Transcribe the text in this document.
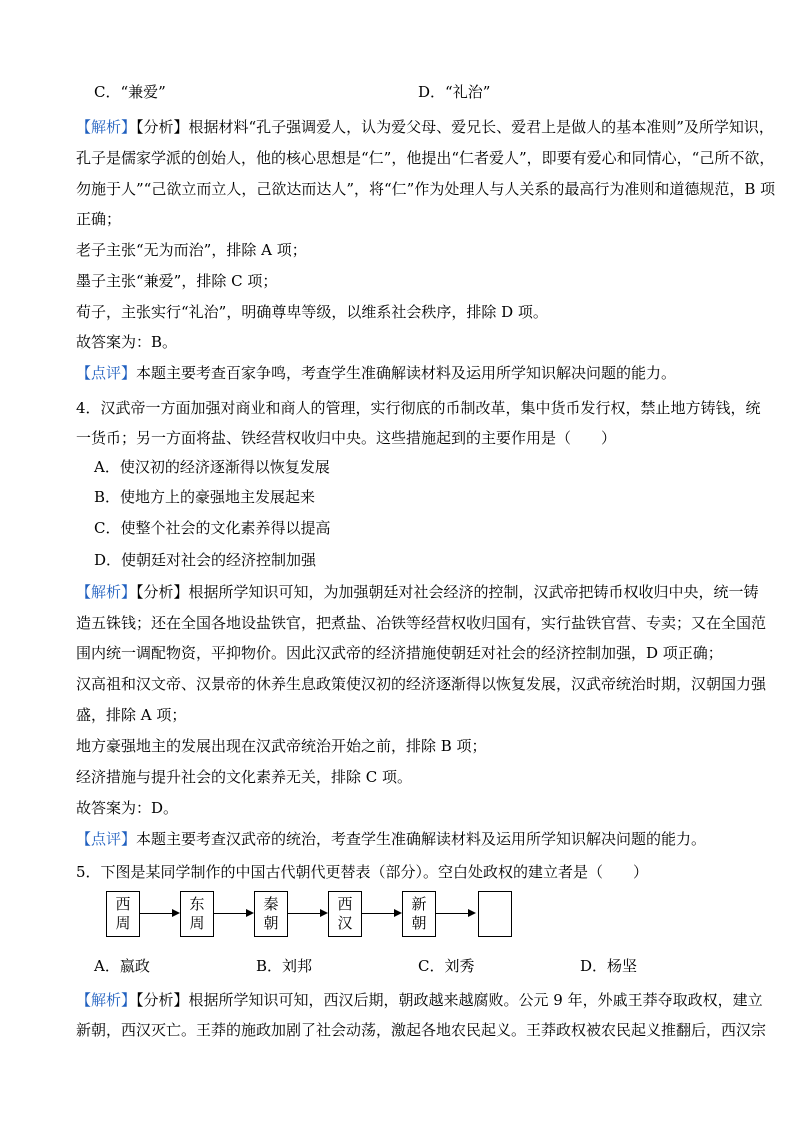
C．“兼爱”	D．“礼治”
【解析】【分析】根据材料“孔子强调爱人，认为爱父母、爱兄长、爱君上是做人的基本准则”及所学知识，
孔子是儒家学派的创始人，他的核心思想是“仁”，他提出“仁者爱人”，即要有爱心和同情心，“己所不欲，
勿施于人”“己欲立而立人，己欲达而达人”，将“仁”作为处理人与人关系的最高行为准则和道德规范，B 项
正确；
老子主张“无为而治”，排除 A 项；
墨子主张“兼爱”，排除 C 项；
荀子，主张实行“礼治”，明确尊卑等级，以维系社会秩序，排除 D 项。
故答案为：B。
【点评】本题主要考查百家争鸣，考查学生准确解读材料及运用所学知识解决问题的能力。
4．汉武帝一方面加强对商业和商人的管理，实行彻底的币制改革，集中货币发行权，禁止地方铸钱，统
一货币；另一方面将盐、铁经营权收归中央。这些措施起到的主要作用是（　　）
A．使汉初的经济逐渐得以恢复发展
B．使地方上的豪强地主发展起来
C．使整个社会的文化素养得以提高
D．使朝廷对社会的经济控制加强
【解析】【分析】根据所学知识可知，为加强朝廷对社会经济的控制，汉武帝把铸币权收归中央，统一铸
造五铢钱；还在全国各地设盐铁官，把煮盐、冶铁等经营权收归国有，实行盐铁官营、专卖；又在全国范
围内统一调配物资，平抑物价。因此汉武帝的经济措施使朝廷对社会的经济控制加强，D 项正确；
汉高祖和汉文帝、汉景帝的休养生息政策使汉初的经济逐渐得以恢复发展，汉武帝统治时期，汉朝国力强
盛，排除 A 项；
地方豪强地主的发展出现在汉武帝统治开始之前，排除 B 项；
经济措施与提升社会的文化素养无关，排除 C 项。
故答案为：D。
【点评】本题主要考查汉武帝的统治，考查学生准确解读材料及运用所学知识解决问题的能力。
5．下图是某同学制作的中国古代朝代更替表（部分）。空白处政权的建立者是（　　）
西
周
东
周
秦
朝
西
汉
新
朝
A．嬴政	B．刘邦	C．刘秀	D．杨坚
【解析】【分析】根据所学知识可知，西汉后期，朝政越来越腐败。公元 9 年，外戚王莽夺取政权，建立
新朝，西汉灭亡。王莽的施政加剧了社会动荡，激起各地农民起义。王莽政权被农民起义推翻后，西汉宗
